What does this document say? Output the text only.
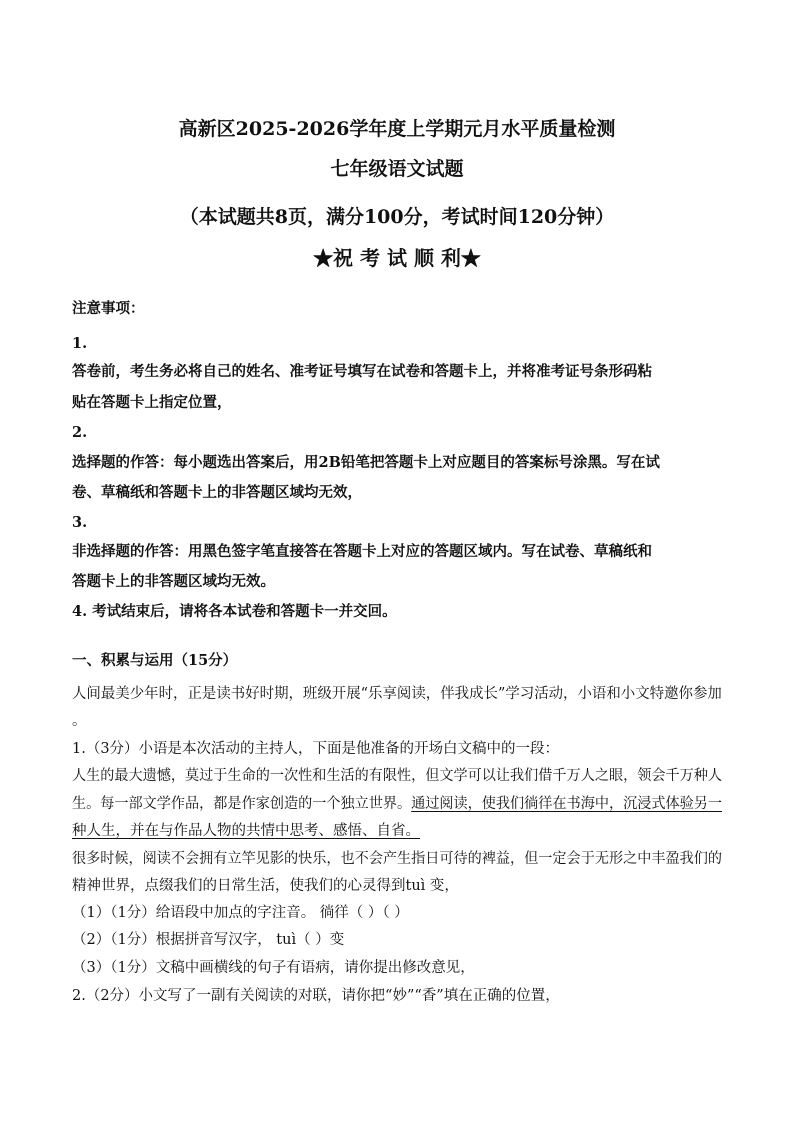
高新区2025-2026学年度上学期元月水平质量检测
七年级语文试题
（本试题共8页，满分100分，考试时间120分钟）
★祝 考 试 顺 利★
注意事项：
1.
答卷前，考生务必将自己的姓名、准考证号填写在试卷和答题卡上，并将准考证号条形码粘
贴在答题卡上指定位置，
2.
选择题的作答：每小题选出答案后，用2B铅笔把答题卡上对应题目的答案标号涂黑。写在试
卷、草稿纸和答题卡上的非答题区域均无效，
3.
非选择题的作答：用黑色签字笔直接答在答题卡上对应的答题区域内。写在试卷、草稿纸和
答题卡上的非答题区域均无效。
4. 考试结束后，请将各本试卷和答题卡一并交回。
一、积累与运用（15分）
人间最美少年时，正是读书好时期，班级开展“乐享阅读，伴我成长”学习活动，小语和小文特邀你参加
。
1.（3分）小语是本次活动的主持人，下面是他准备的开场白文稿中的一段：
人生的最大遗憾，莫过于生命的一次性和生活的有限性，但文学可以让我们借千万人之眼，领会千万种人
生。每一部文学作品，都是作家创造的一个独立世界。通过阅读，使我们徜徉在书海中，沉浸式体验另一
种人生，并在与作品人物的共情中思考、感悟、自省。
很多时候，阅读不会拥有立竿见影的快乐，也不会产生指日可待的裨益，但一定会于无形之中丰盈我们的
精神世界，点缀我们的日常生活，使我们的心灵得到tuì 变，
（1）（1分）给语段中加点的字注音。 徜徉（ ）（ ）
（2）（1分）根据拼音写汉字， tuì（ ）变
（3）（1分）文稿中画横线的句子有语病，请你提出修改意见，
2.（2分）小文写了一副有关阅读的对联，请你把“妙”“香”填在正确的位置，
